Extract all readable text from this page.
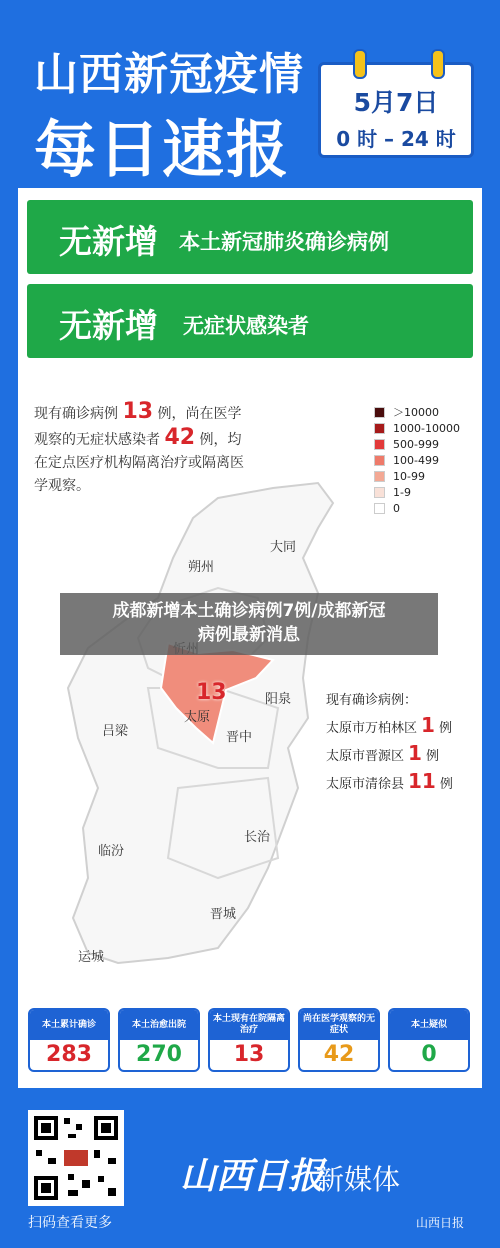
山西新冠疫情
每日速报
5月7日
0 时 – 24 时
无新增 本土新冠肺炎确诊病例
无新增 无症状感染者
现有确诊病例 13 例，尚在医学观察的无症状感染者 42 例，均在定点医疗机构隔离治疗或隔离医学观察。
＞10000
1000-10000
500-999
100-499
10-99
1-9
0
13
大同
朔州
阳泉
吕梁
太原
晋中
临汾
长治
晋城
运城
现有确诊病例：
太原市万柏林区 1 例
太原市晋源区 1 例
太原市清徐县 11 例
本土累计确诊
283
本土治愈出院
270
本土现有在院隔离治疗
13
尚在医学观察的无症状
42
本土疑似
0
扫码查看更多
山西日报
新媒体
山西日报
成都新增本土确诊病例7例/成都新冠
病例最新消息
